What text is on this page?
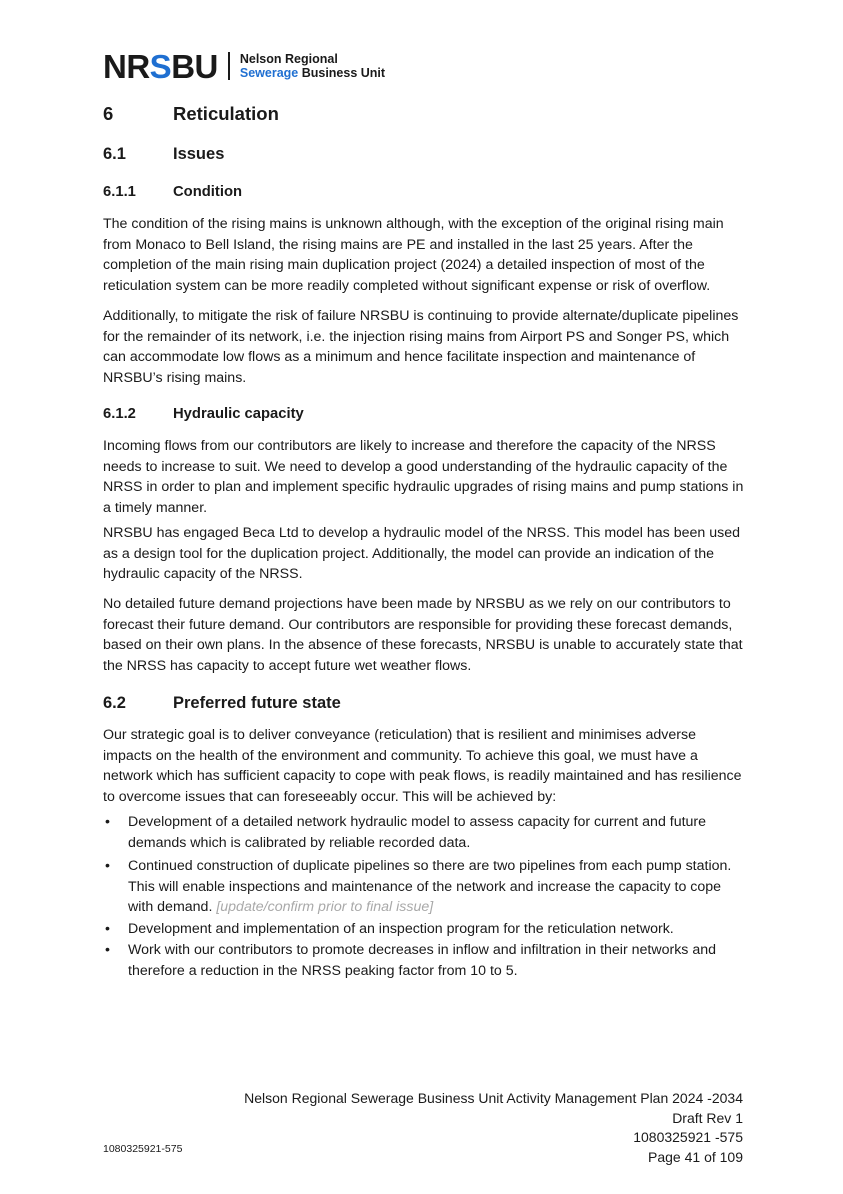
NRSBU Nelson Regional
Sewerage Business Unit
6	Reticulation
6.1	Issues
6.1.1	Condition

The condition of the rising mains is unknown although, with the exception of the original rising main from Monaco to Bell Island, the rising mains are PE and installed in the last 25 years. After the completion of the main rising main duplication project (2024) a detailed inspection of most of the reticulation system can be more readily completed without significant expense or risk of overflow.

Additionally, to mitigate the risk of failure NRSBU is continuing to provide alternate/duplicate pipelines for the remainder of its network, i.e. the injection rising mains from Airport PS and Songer PS, which can accommodate low flows as a minimum and hence facilitate inspection and maintenance of NRSBU’s rising mains.

6.1.2	Hydraulic capacity

Incoming flows from our contributors are likely to increase and therefore the capacity of the NRSS needs to increase to suit. We need to develop a good understanding of the hydraulic capacity of the NRSS in order to plan and implement specific hydraulic upgrades of rising mains and pump stations in a timely manner.

NRSBU has engaged Beca Ltd to develop a hydraulic model of the NRSS. This model has been used as a design tool for the duplication project. Additionally, the model can provide an indication of the hydraulic capacity of the NRSS.

No detailed future demand projections have been made by NRSBU as we rely on our contributors to forecast their future demand. Our contributors are responsible for providing these forecast demands, based on their own plans. In the absence of these forecasts, NRSBU is unable to accurately state that the NRSS has capacity to accept future wet weather flows.

6.2	Preferred future state

Our strategic goal is to deliver conveyance (reticulation) that is resilient and minimises adverse impacts on the health of the environment and community. To achieve this goal, we must have a network which has sufficient capacity to cope with peak flows, is readily maintained and has resilience to overcome issues that can foreseeably occur. This will be achieved by:

• Development of a detailed network hydraulic model to assess capacity for current and future demands which is calibrated by reliable recorded data.
• Continued construction of duplicate pipelines so there are two pipelines from each pump station. This will enable inspections and maintenance of the network and increase the capacity to cope with demand. [update/confirm prior to final issue]
• Development and implementation of an inspection program for the reticulation network.
• Work with our contributors to promote decreases in inflow and infiltration in their networks and therefore a reduction in the NRSS peaking factor from 10 to 5.
Nelson Regional Sewerage Business Unit Activity Management Plan 2024 -2034
Draft Rev 1
1080325921 -575
Page 41 of 109
1080325921-575
